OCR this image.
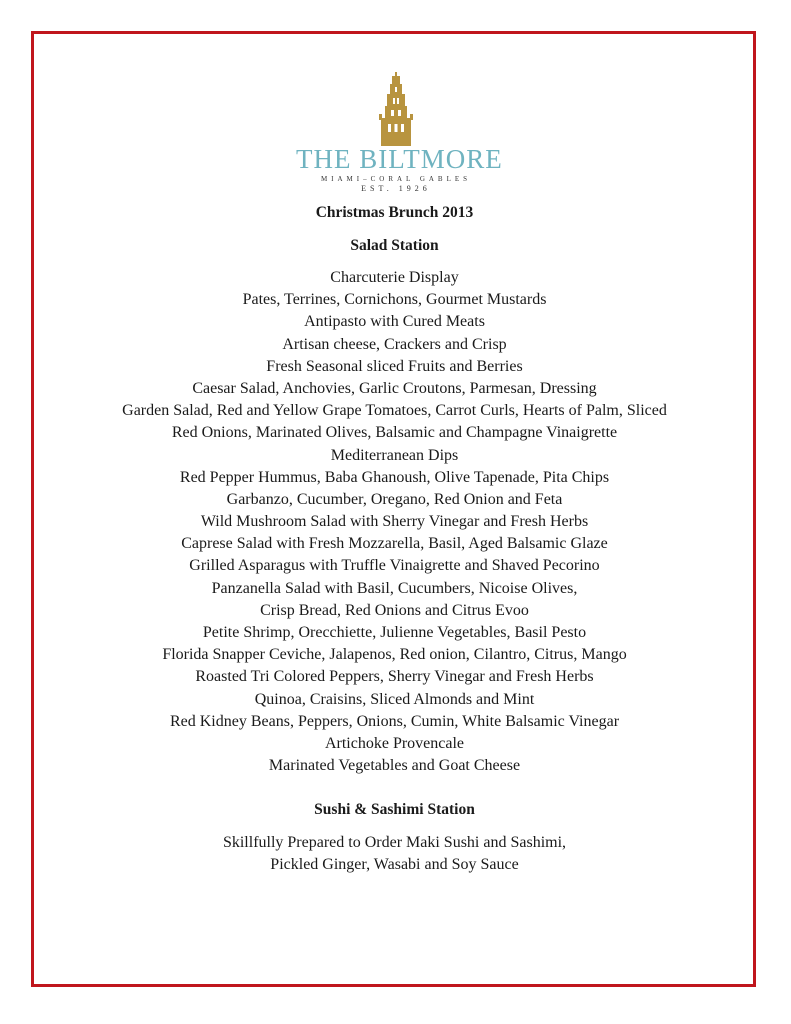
THE BILTMORE
MIAMI–CORAL GABLES
EST. 1926
Christmas Brunch 2013
Salad Station
Charcuterie Display
Pates, Terrines, Cornichons, Gourmet Mustards
Antipasto with Cured Meats
Artisan cheese, Crackers and Crisp
Fresh Seasonal sliced Fruits and Berries
Caesar Salad, Anchovies, Garlic Croutons, Parmesan, Dressing
Garden Salad, Red and Yellow Grape Tomatoes, Carrot Curls, Hearts of Palm, Sliced
Red Onions, Marinated Olives, Balsamic and Champagne Vinaigrette
Mediterranean Dips
Red Pepper Hummus, Baba Ghanoush, Olive Tapenade, Pita Chips
Garbanzo, Cucumber, Oregano, Red Onion and Feta
Wild Mushroom Salad with Sherry Vinegar and Fresh Herbs
Caprese Salad with Fresh Mozzarella, Basil, Aged Balsamic Glaze
Grilled Asparagus with Truffle Vinaigrette and Shaved Pecorino
Panzanella Salad with Basil, Cucumbers, Nicoise Olives,
Crisp Bread, Red Onions and Citrus Evoo
Petite Shrimp, Orecchiette, Julienne Vegetables, Basil Pesto
Florida Snapper Ceviche, Jalapenos, Red onion, Cilantro, Citrus, Mango
Roasted Tri Colored Peppers, Sherry Vinegar and Fresh Herbs
Quinoa, Craisins, Sliced Almonds and Mint
Red Kidney Beans, Peppers, Onions, Cumin, White Balsamic Vinegar
Artichoke Provencale
Marinated Vegetables and Goat Cheese
Sushi & Sashimi Station
Skillfully Prepared to Order Maki Sushi and Sashimi,
Pickled Ginger, Wasabi and Soy Sauce
